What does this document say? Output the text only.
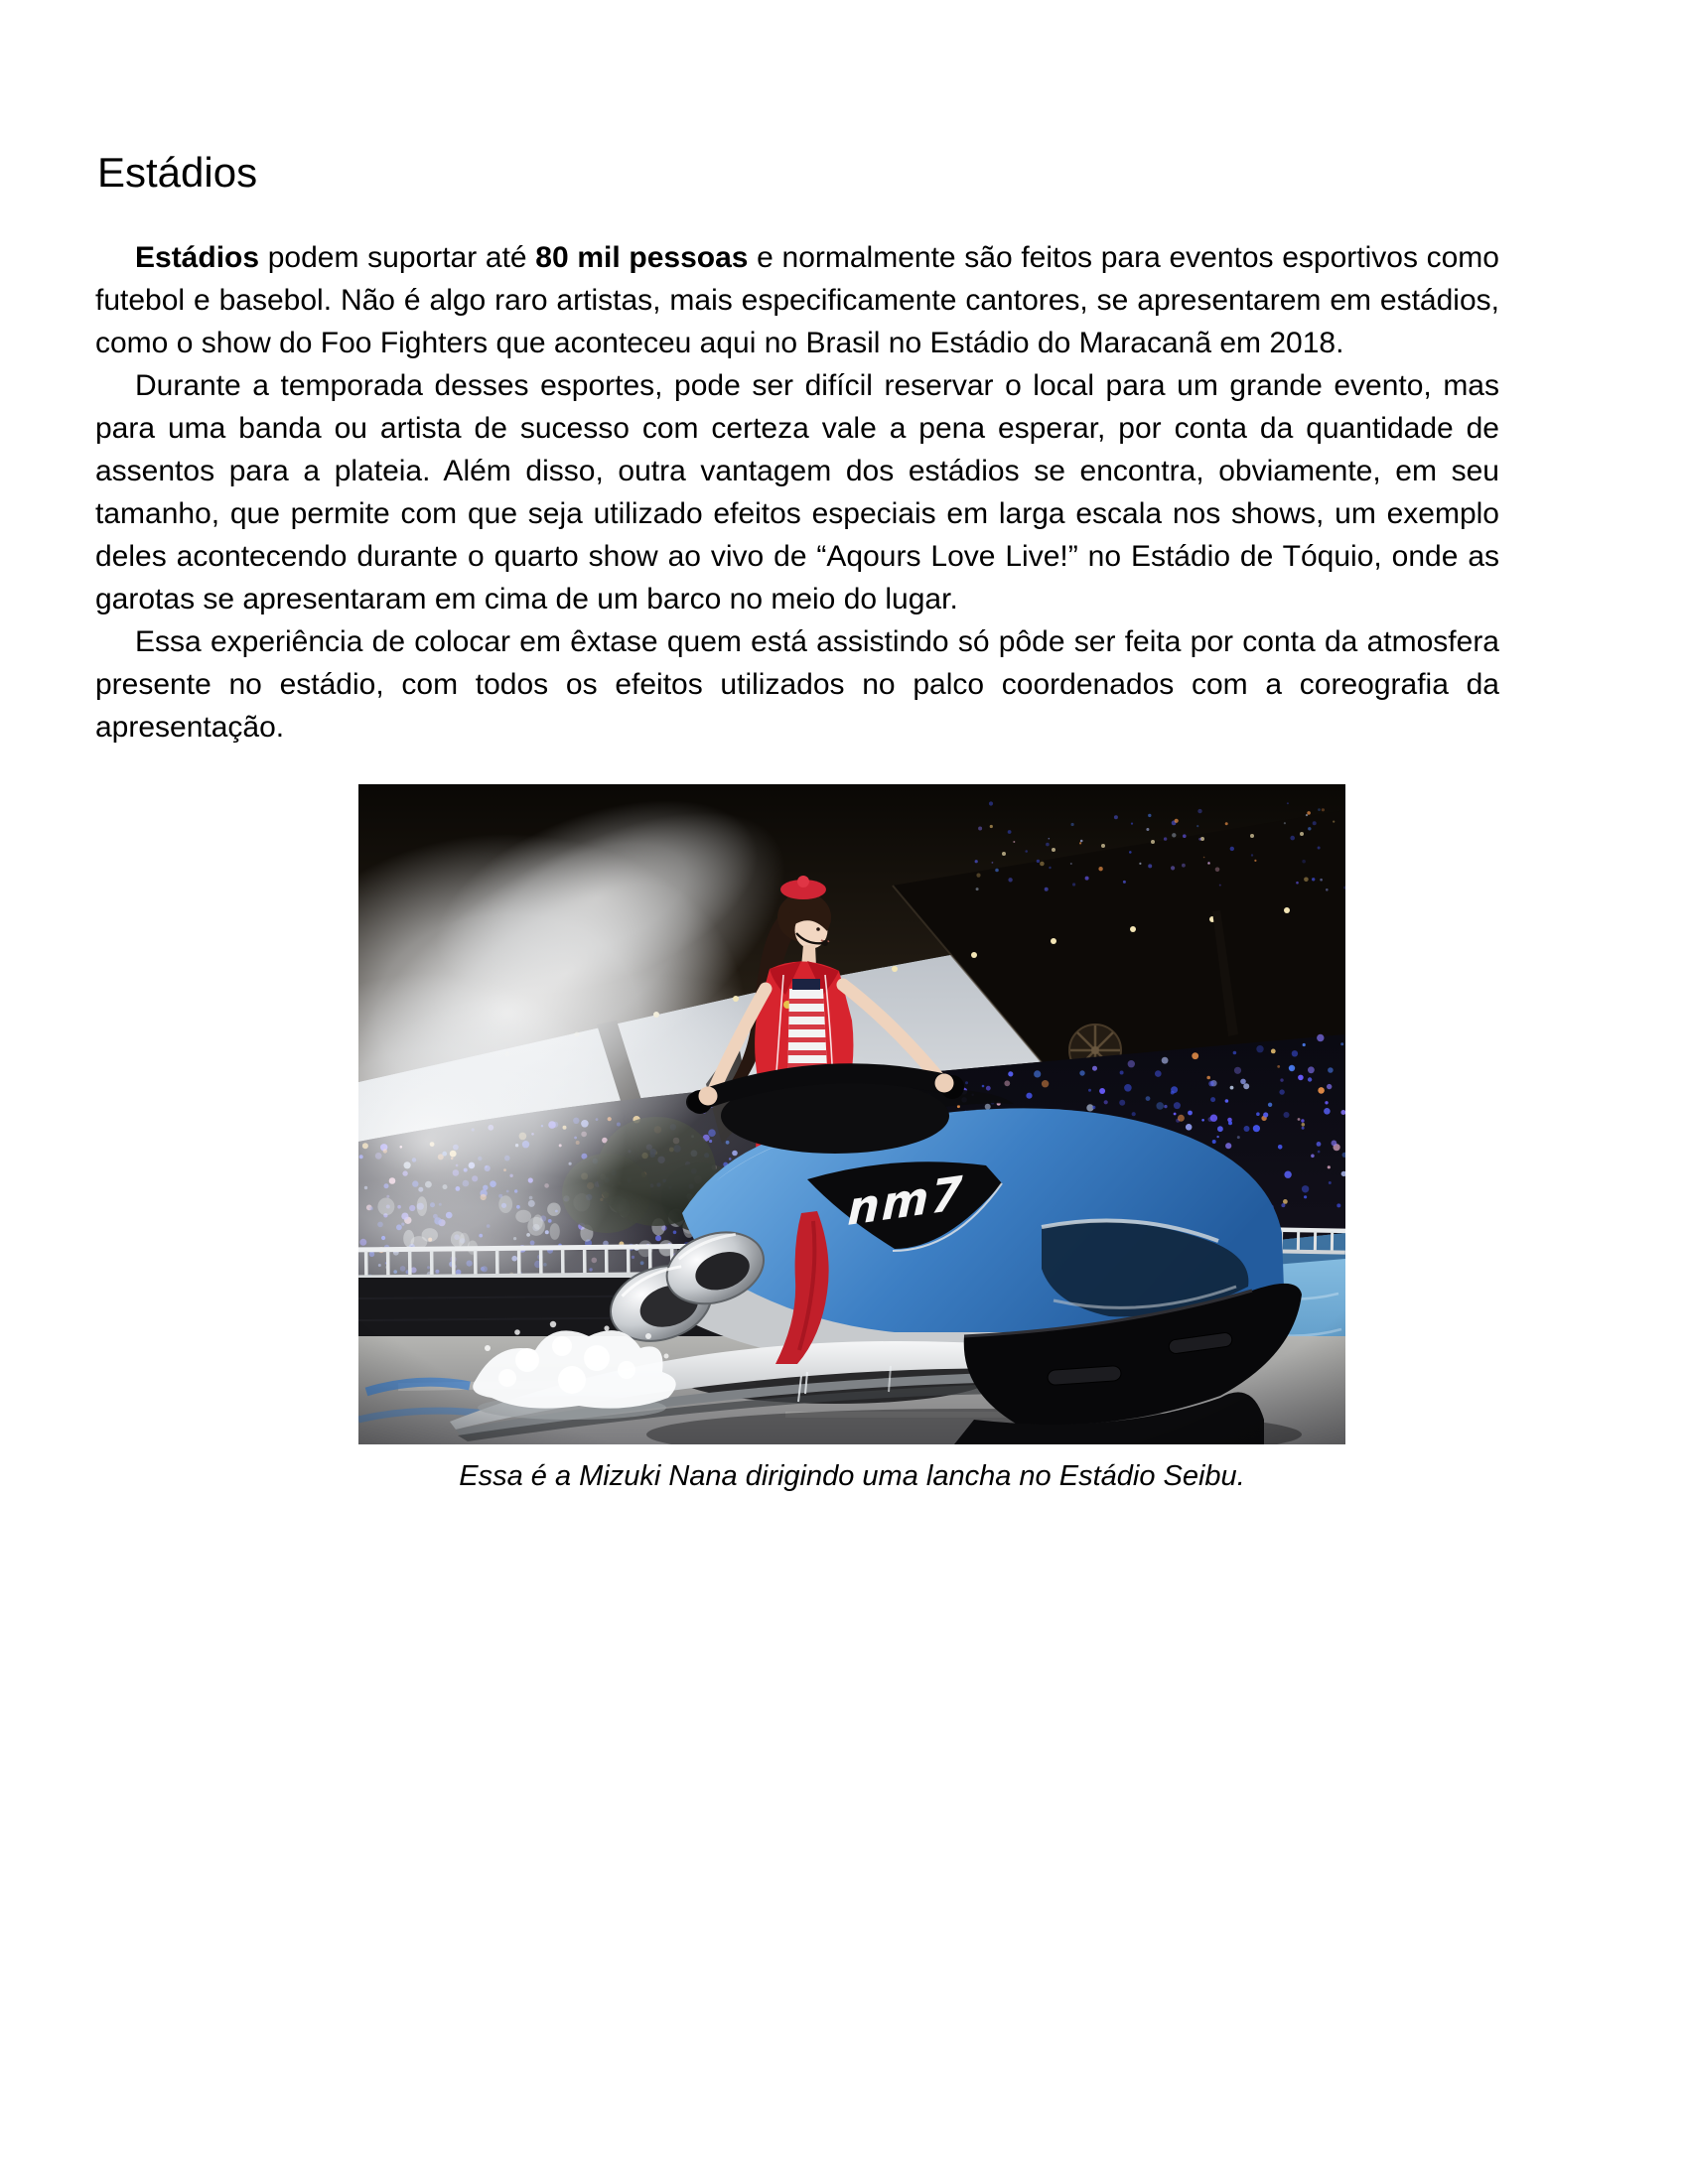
Estádios

Estádios podem suportar até 80 mil pessoas e normalmente são feitos para eventos esportivos como futebol e basebol. Não é algo raro artistas, mais especificamente cantores, se apresentarem em estádios, como o show do Foo Fighters que aconteceu aqui no Brasil no Estádio do Maracanã em 2018.

Durante a temporada desses esportes, pode ser difícil reservar o local para um grande evento, mas para uma banda ou artista de sucesso com certeza vale a pena esperar, por conta da quantidade de assentos para a plateia. Além disso, outra vantagem dos estádios se encontra, obviamente, em seu tamanho, que permite com que seja utilizado efeitos especiais em larga escala nos shows, um exemplo deles acontecendo durante o quarto show ao vivo de “Aqours Love Live!” no Estádio de Tóquio, onde as garotas se apresentaram em cima de um barco no meio do lugar.

Essa experiência de colocar em êxtase quem está assistindo só pôde ser feita por conta da atmosfera presente no estádio, com todos os efeitos utilizados no palco coordenados com a coreografia da apresentação.

Essa é a Mizuki Nana dirigindo uma lancha no Estádio Seibu.
